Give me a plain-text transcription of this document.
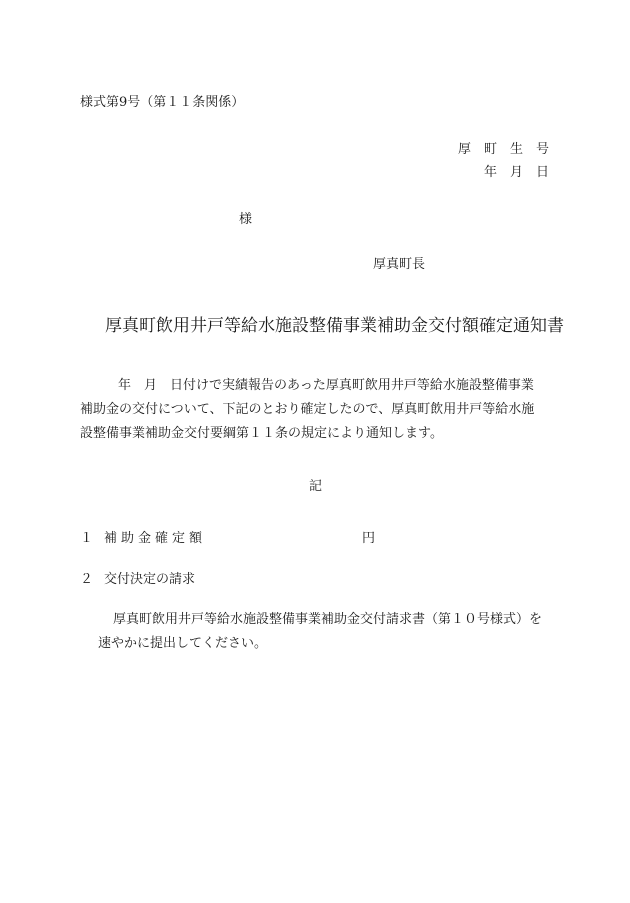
様式第9号（第１１条関係）
厚町生号
年月日
様
厚真町長
厚真町飲用井戸等給水施設整備事業補助金交付額確定通知書
年　月　日付けで実績報告のあった厚真町飲用井戸等給水施設整備事業
補助金の交付について、下記のとおり確定したので、厚真町飲用井戸等給水施
設整備事業補助金交付要綱第１１条の規定により通知します。
記
１ 補助金確定額	円
２ 交付決定の請求
厚真町飲用井戸等給水施設整備事業補助金交付請求書（第１０号様式）を
速やかに提出してください。
